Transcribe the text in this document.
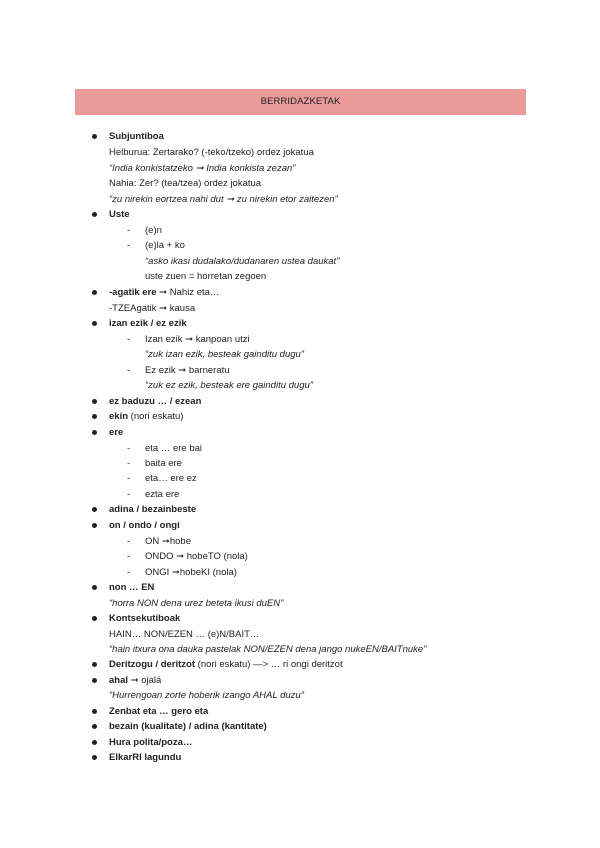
BERRIDAZKETAK
Subjuntiboa
Helburua: Zertarako? (-teko/tzeko) ordez jokatua
“India konkistatzeko ➞ India konkista zezan”
Nahia: Zer? (tea/tzea) ordez jokatua
“zu nirekin eortzea nahi dut ➞ zu nirekin etor zaitezen”
Uste
- (e)n
- (e)la + ko
“asko ikasi dudalako/dudanaren ustea daukat”
uste zuen = horretan zegoen
-agatik ere ➞ Nahiz eta…
-TZEAgatik ➞ kausa
izan ezik / ez ezik
- Izan ezik ➞ kanpoan utzi
“zuk izan ezik, besteak gainditu dugu”
- Ez ezik ➞ barneratu
“zuk ez ezik, besteak ere gainditu dugu”
ez baduzu … / ezean
ekin (nori eskatu)
ere
- eta … ere bai
- baita ere
- eta… ere ez
- ezta ere
adina / bezainbeste
on / ondo / ongi
- ON ➞hobe
- ONDO ➞ hobeTO (nola)
- ONGI ➞hobeKI (nola)
non … EN
“horra NON dena urez beteta ikusi duEN”
Kontsekutiboak
HAIN… NON/EZEN … (e)N/BAIT…
“hain itxura ona dauka pastelak NON/EZEN dena jango nukeEN/BAITnuke”
Deritzogu / deritzot (nori eskatu) —> … ri ongi deritzot
ahal ➞ ojalá
“Hurrengoan zorte hoberik izango AHAL duzu”
Zenbat eta … gero eta
bezain (kualitate) / adina (kantitate)
Hura polita/poza…
ElkarRI lagundu
